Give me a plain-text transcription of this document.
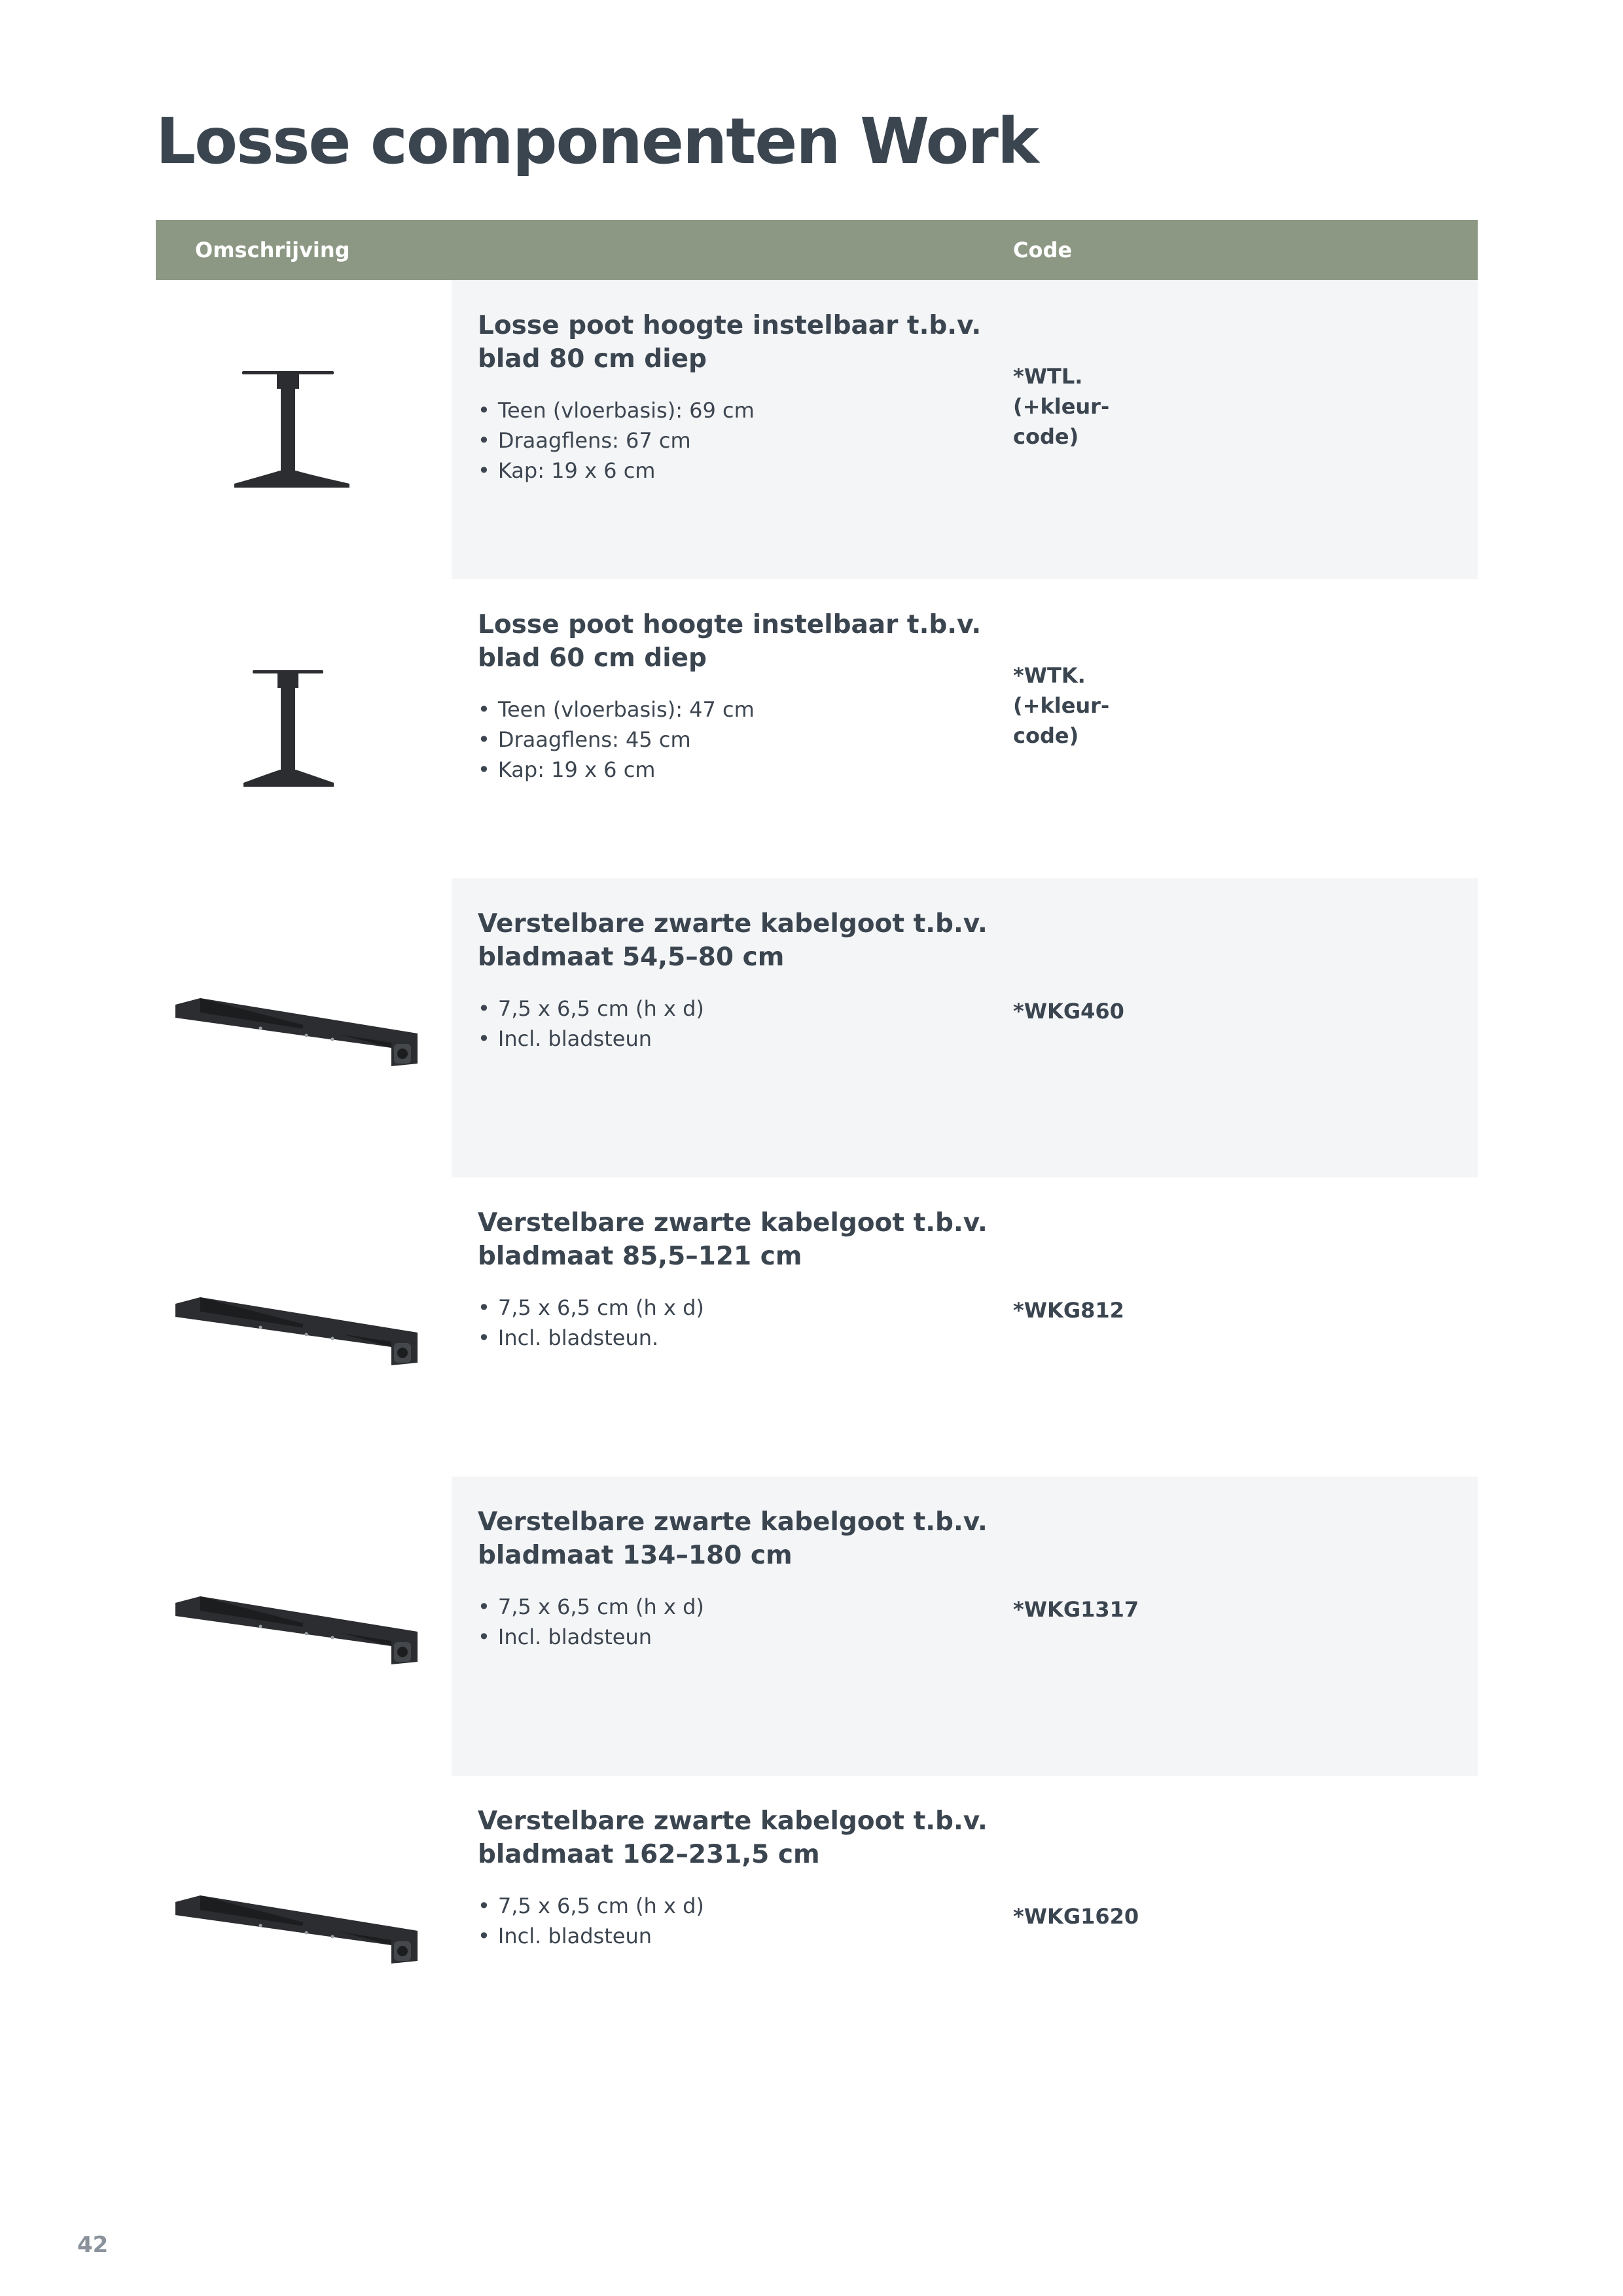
Losse componenten Work
Omschrijving	Code
Losse poot hoogte instelbaar t.b.v. blad 80 cm diep
• Teen (vloerbasis): 69 cm
• Draagflens: 67 cm
• Kap: 19 x 6 cm
*WTL.
(+kleur-
code)
Losse poot hoogte instelbaar t.b.v. blad 60 cm diep
• Teen (vloerbasis): 47 cm
• Draagflens: 45 cm
• Kap: 19 x 6 cm
*WTK.
(+kleur-
code)
Verstelbare zwarte kabelgoot t.b.v. bladmaat 54,5–80 cm
• 7,5 x 6,5 cm (h x d)
• Incl. bladsteun
*WKG460
Verstelbare zwarte kabelgoot t.b.v. bladmaat 85,5–121 cm
• 7,5 x 6,5 cm (h x d)
• Incl. bladsteun.
*WKG812
Verstelbare zwarte kabelgoot t.b.v. bladmaat 134–180 cm
• 7,5 x 6,5 cm (h x d)
• Incl. bladsteun
*WKG1317
Verstelbare zwarte kabelgoot t.b.v. bladmaat 162–231,5 cm
• 7,5 x 6,5 cm (h x d)
• Incl. bladsteun
*WKG1620
42
